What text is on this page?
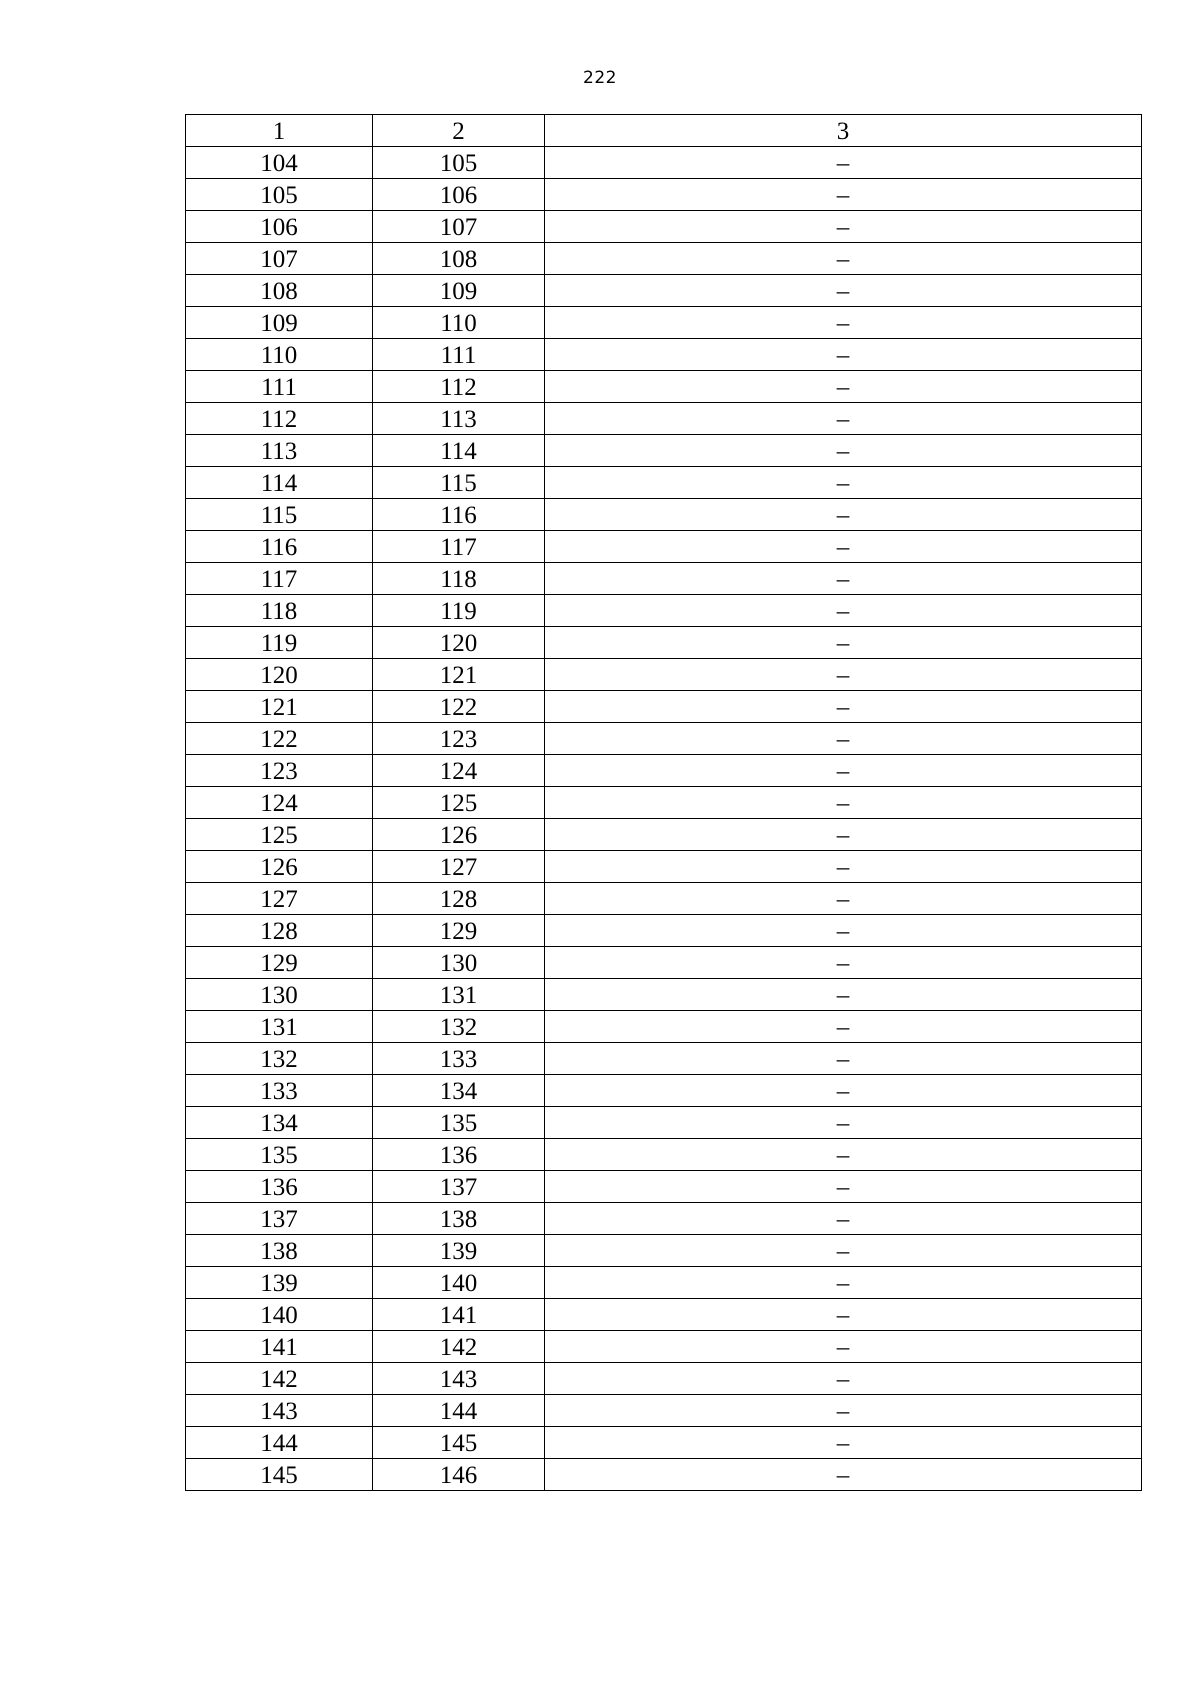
222
1	2	3
104	105	–
105	106	–
106	107	–
107	108	–
108	109	–
109	110	–
110	111	–
111	112	–
112	113	–
113	114	–
114	115	–
115	116	–
116	117	–
117	118	–
118	119	–
119	120	–
120	121	–
121	122	–
122	123	–
123	124	–
124	125	–
125	126	–
126	127	–
127	128	–
128	129	–
129	130	–
130	131	–
131	132	–
132	133	–
133	134	–
134	135	–
135	136	–
136	137	–
137	138	–
138	139	–
139	140	–
140	141	–
141	142	–
142	143	–
143	144	–
144	145	–
145	146	–
